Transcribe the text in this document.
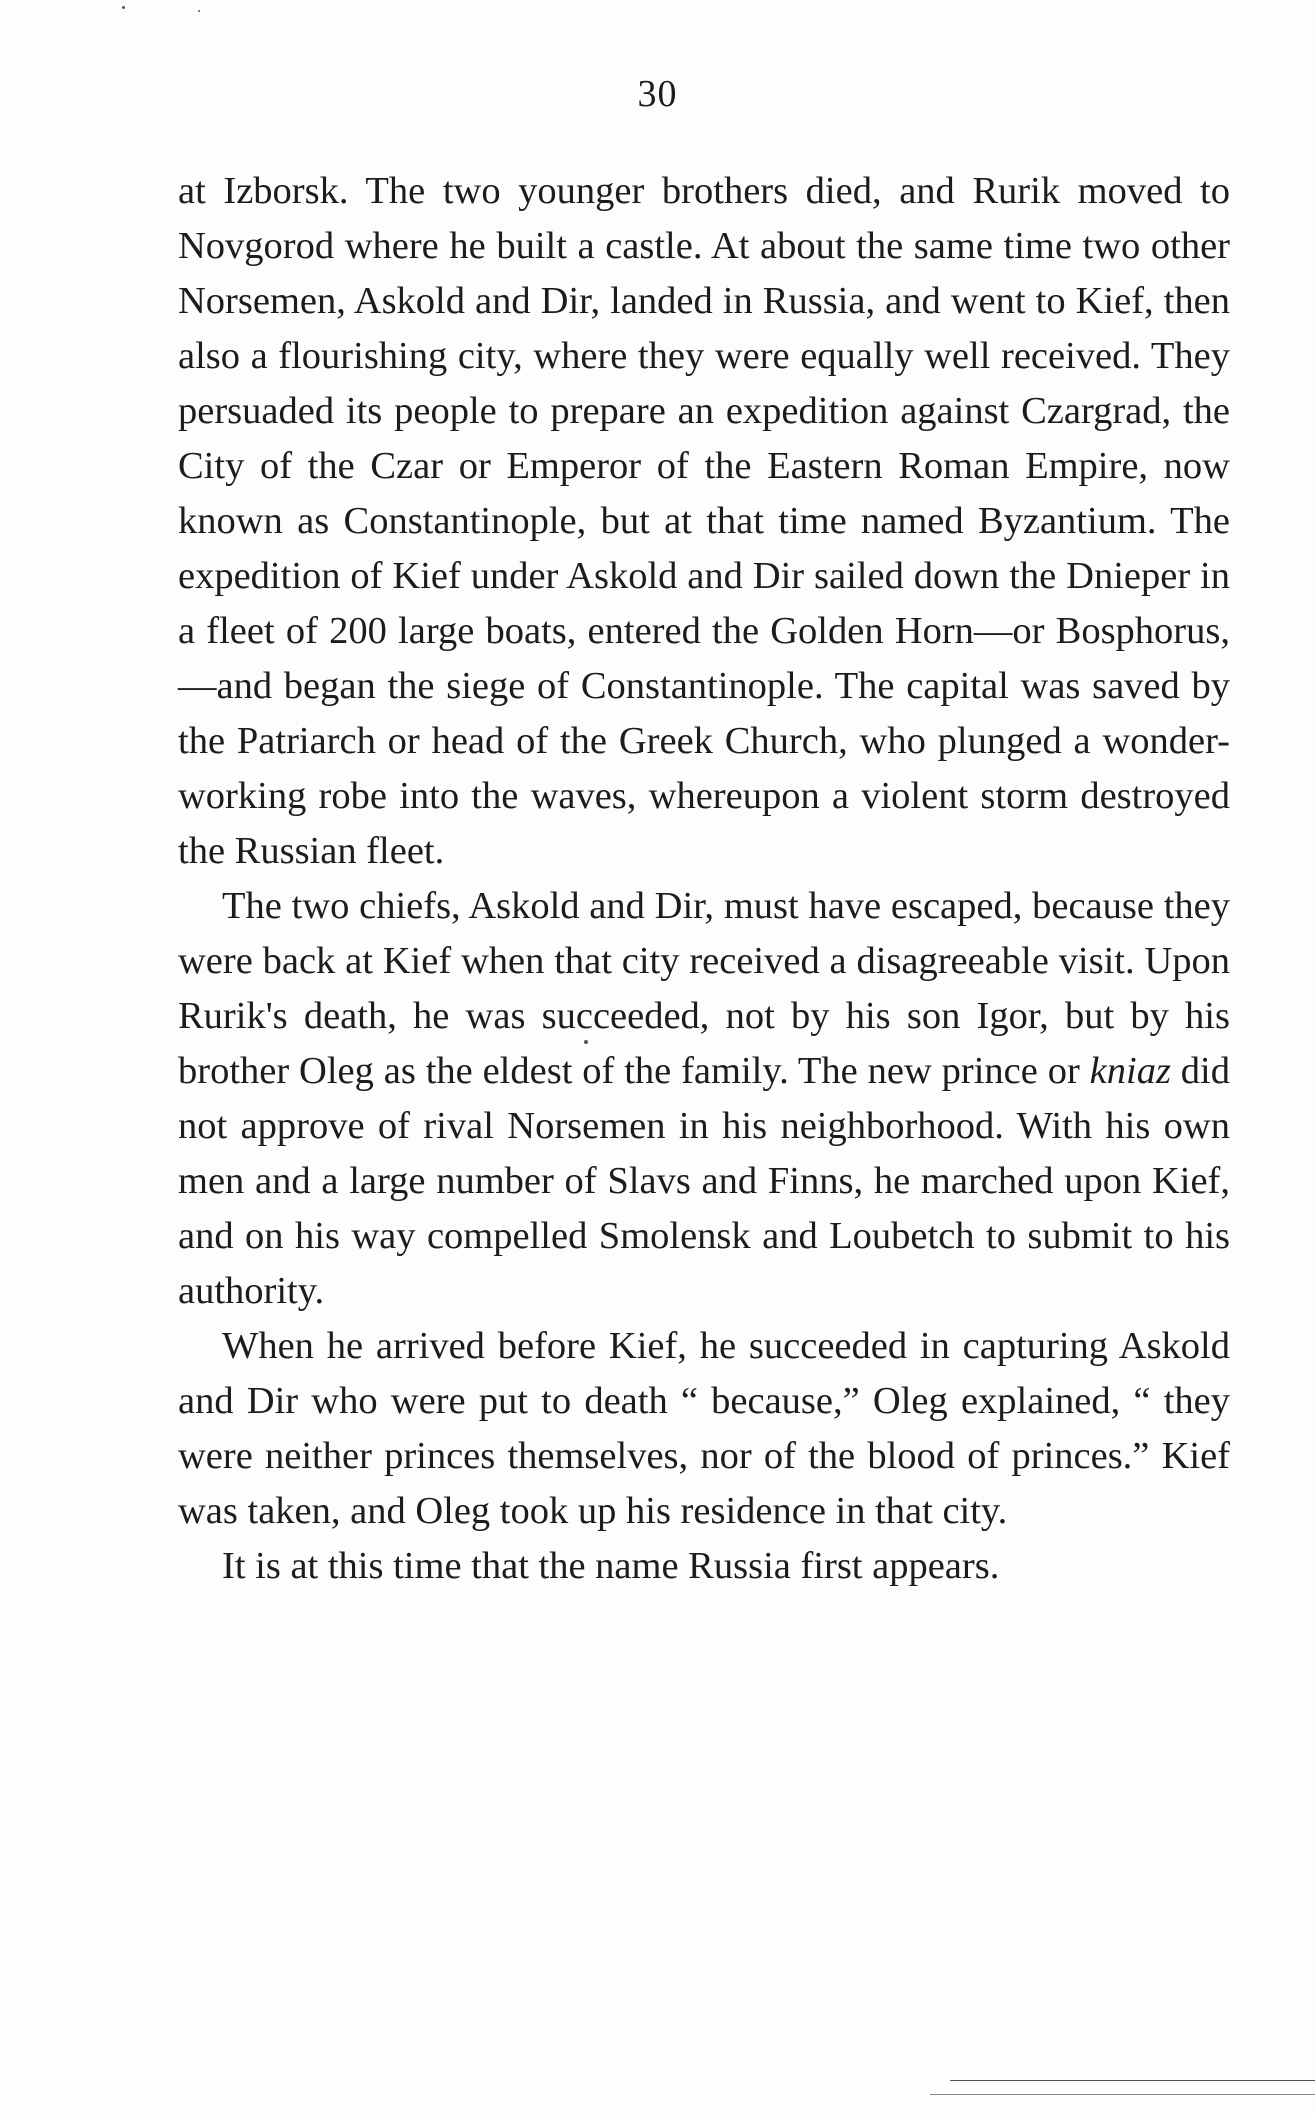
30

at Izborsk. The two younger brothers died, and Rurik moved to Novgorod where he built a castle. At about the same time two other Norsemen, Askold and Dir, landed in Russia, and went to Kief, then also a flourishing city, where they were equally well received. They persuaded its people to prepare an expedition against Czargrad, the City of the Czar or Emperor of the Eastern Roman Empire, now known as Constantinople, but at that time named Byzantium. The expedition of Kief under Askold and Dir sailed down the Dnieper in a fleet of 200 large boats, entered the Golden Horn—or Bosphorus,—and began the siege of Constantinople. The capital was saved by the Patriarch or head of the Greek Church, who plunged a wonder-working robe into the waves, whereupon a violent storm destroyed the Russian fleet.

The two chiefs, Askold and Dir, must have escaped, because they were back at Kief when that city received a disagreeable visit. Upon Rurik's death, he was succeeded, not by his son Igor, but by his brother Oleg as the eldest of the family. The new prince or kniaz did not approve of rival Norsemen in his neighborhood. With his own men and a large number of Slavs and Finns, he marched upon Kief, and on his way compelled Smolensk and Loubetch to submit to his authority.

When he arrived before Kief, he succeeded in capturing Askold and Dir who were put to death “ because,” Oleg explained, “ they were neither princes themselves, nor of the blood of princes.” Kief was taken, and Oleg took up his residence in that city.

It is at this time that the name Russia first appears.
